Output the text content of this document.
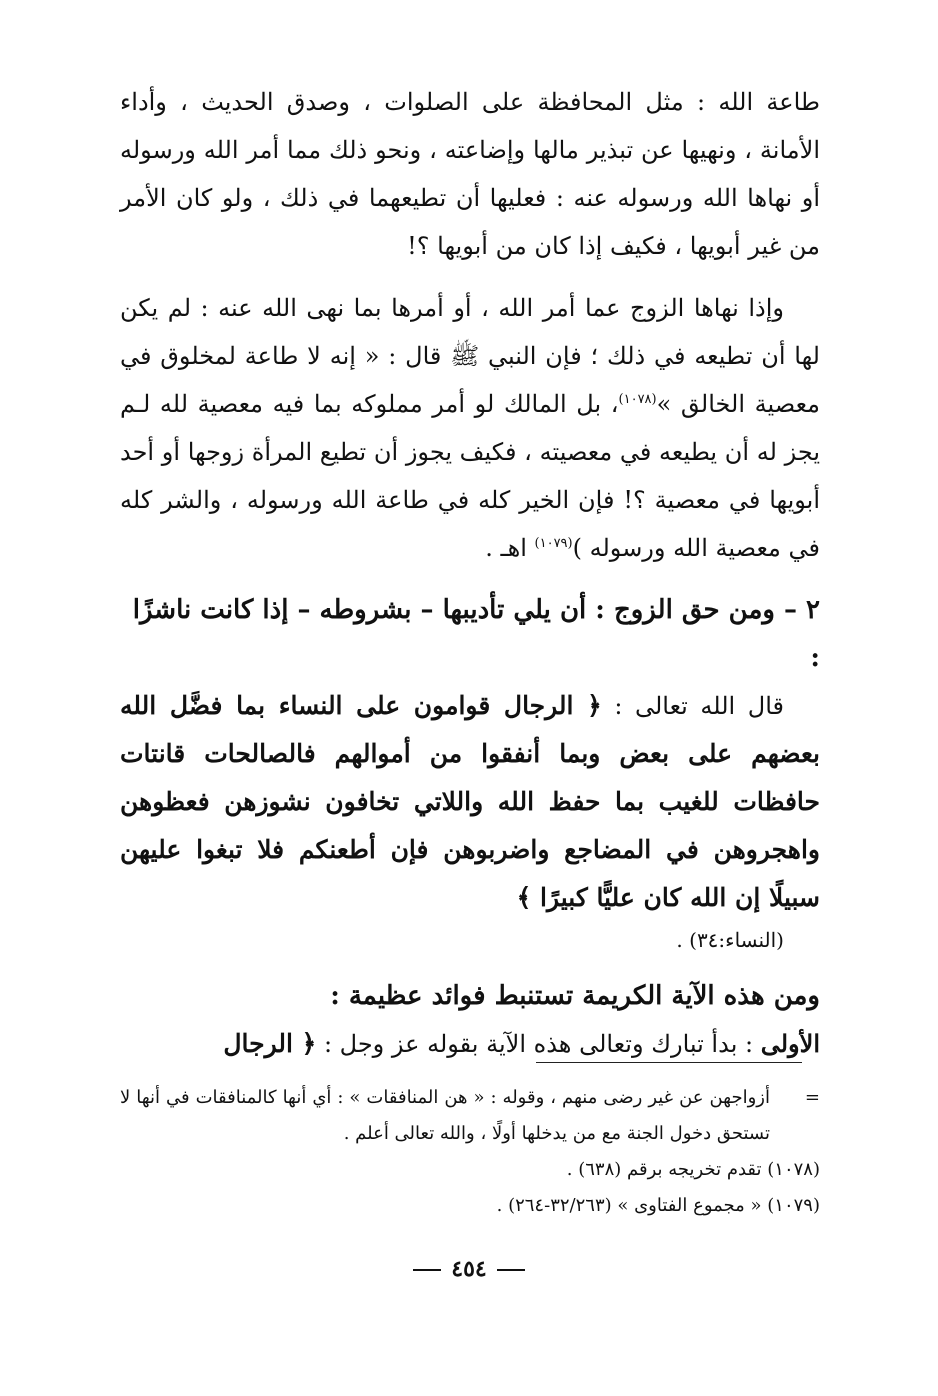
طاعة الله : مثل المحافظة على الصلوات ، وصدق الحديث ، وأداء الأمانة ، ونهيها عن تبذير مالها وإضاعته ، ونحو ذلك مما أمر الله ورسوله أو نهاها الله ورسوله عنه : فعليها أن تطيعهما في ذلك ، ولو كان الأمر من غير أبويها ، فكيف إذا كان من أبويها ؟!

وإذا نهاها الزوج عما أمر الله ، أو أمرها بما نهى الله عنه : لم يكن لها أن تطيعه في ذلك ؛ فإن النبي ﷺ قال : « إنه لا طاعة لمخلوق في معصية الخالق »$^{(١٠٧٨)}$، بل المالك لو أمر مملوكه بما فيه معصية لله لـم يجز له أن يطيعه في معصيته ، فكيف يجوز أن تطيع المرأة زوجها أو أحد أبويها في معصية ؟! فإن الخير كله في طاعة الله ورسوله ، والشر كله في معصية الله ورسوله )$^{(١٠٧٩)}$ اهـ .

٢ – ومن حق الزوج : أن يلي تأديبها – بشروطه – إذا كانت ناشزًا :

قال الله تعالى : ﴿ الرجال قوامون على النساء بما فضَّل الله بعضهم على بعض وبما أنفقوا من أموالهم فالصالحات قانتات حافظات للغيب بما حفظ الله واللاتي تخافون نشوزهن فعظوهن واهجروهن في المضاجع واضربوهن فإن أطعنكم فلا تبغوا عليهن سبيلًا إن الله كان عليًّا كبيرًا ﴾
(النساء:٣٤) .

ومن هذه الآية الكريمة تستنبط فوائد عظيمة :

الأولى : بدأ تبارك وتعالى هذه الآية بقوله عز وجل : ﴿ الرجال

=
أزواجهن عن غير رضى منهم ، وقوله : « هن المنافقات » : أي أنها كالمنافقات في أنها لا تستحق دخول الجنة مع من يدخلها أولًا ، والله تعالى أعلم .

(١٠٧٨) تقدم تخريجه برقم (٦٣٨) .

(١٠٧٩) « مجموع الفتاوى » (٣٢/٢٦٣-٢٦٤) .

٤٥٤
